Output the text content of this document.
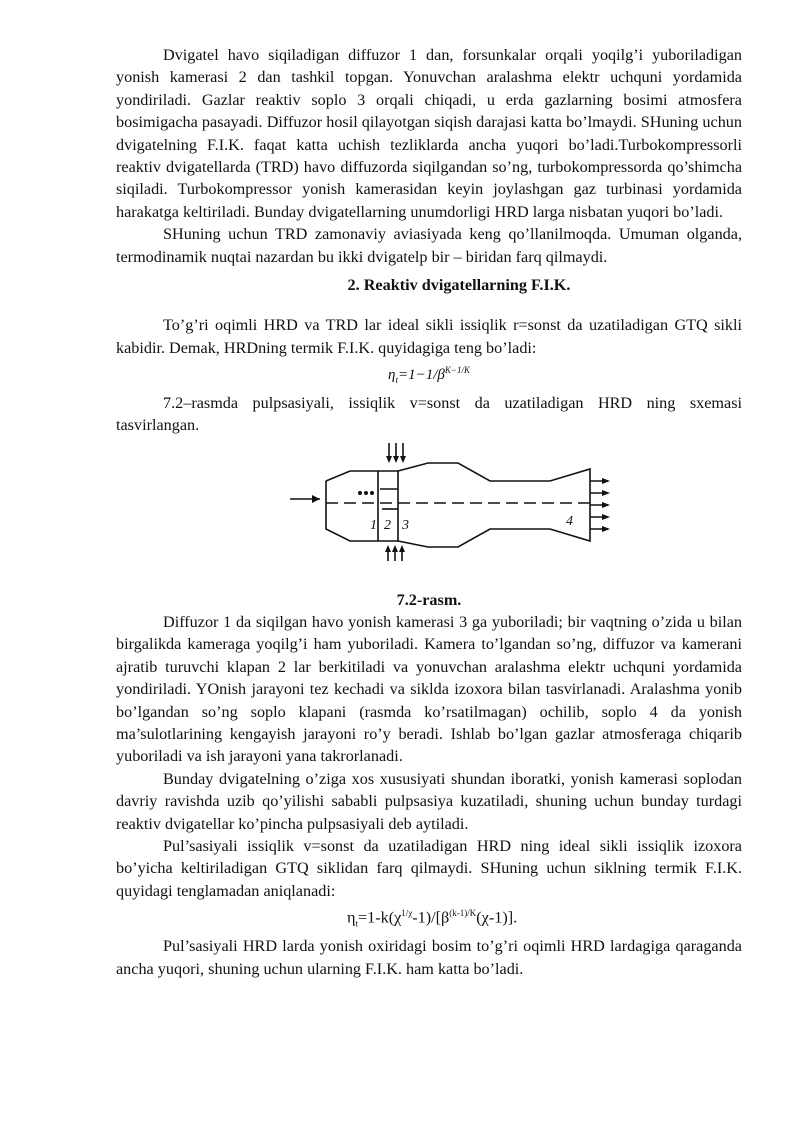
Dvigatel havo siqiladigan diffuzor 1 dan, forsunkalar orqali yoqilg’i yuboriladigan yonish kamerasi 2 dan tashkil topgan. Yonuvchan aralashma elektr uchquni yordamida yondiriladi. Gazlar reaktiv soplo 3 orqali chiqadi, u erda gazlarning bosimi atmosfera bosimigacha pasayadi. Diffuzor hosil qilayotgan siqish darajasi katta bo’lmaydi. SHuning uchun dvigatelning F.I.K. faqat katta uchish tezliklarda ancha yuqori bo’ladi.Turbokompressorli reaktiv dvigatellarda (TRD) havo diffuzorda siqilgandan so’ng, turbokompressorda qo’shimcha siqiladi. Turbokompressor yonish kamerasidan keyin joylashgan gaz turbinasi yordamida harakatga keltiriladi. Bunday dvigatellarning unumdorligi HRD larga nisbatan yuqori bo’ladi.

SHuning uchun TRD zamonaviy aviasiyada keng qo’llanilmoqda. Umuman olganda, termodinamik nuqtai nazardan bu ikki dvigatelp bir – biridan farq qilmaydi.

2. Reaktiv dvigatellarning F.I.K.

To’g’ri oqimli HRD va TRD lar ideal sikli issiqlik r=sonst da uzatiladigan GTQ sikli kabidir. Demak, HRDning termik F.I.K. quyidagiga teng bo’ladi:

$\eta_t=1-1/\beta^{K-1/K}$

7.2–rasmda pulpsasiyali, issiqlik v=sonst da uzatiladigan HRD ning sxemasi tasvirlangan.

1 2 3	4

7.2-rasm.

Diffuzor 1 da siqilgan havo yonish kamerasi 3 ga yuboriladi; bir vaqtning o’zida u bilan birgalikda kameraga yoqilg’i ham yuboriladi. Kamera to’lgandan so’ng, diffuzor va kamerani ajratib turuvchi klapan 2 lar berkitiladi va yonuvchan aralashma elektr uchquni yordamida yondiriladi. YOnish jarayoni tez kechadi va siklda izoxora bilan tasvirlanadi. Aralashma yonib bo’lgandan so’ng soplo klapani (rasmda ko’rsatilmagan) ochilib, soplo 4 da yonish ma’sulotlarining kengayish jarayoni ro’y beradi. Ishlab bo’lgan gazlar atmosferaga chiqarib yuboriladi va ish jarayoni yana takrorlanadi.

Bunday dvigatelning o’ziga xos xususiyati shundan iboratki, yonish kamerasi soplodan davriy ravishda uzib qo’yilishi sababli pulpsasiya kuzatiladi, shuning uchun bunday turdagi reaktiv dvigatellar ko’pincha pulpsasiyali deb aytiladi.

Pul’sasiyali issiqlik v=sonst da uzatiladigan HRD ning ideal sikli issiqlik izoxora bo’yicha keltiriladigan GTQ siklidan farq qilmaydi. SHuning uchun siklning termik F.I.K. quyidagi tenglamadan aniqlanadi:

$\eta_t=1-k(\chi^{1/\chi}-1)/[\beta^{(k-1)/K}(\chi-1)]$.

Pul’sasiyali HRD larda yonish oxiridagi bosim to’g’ri oqimli HRD lardagiga qaraganda ancha yuqori, shuning uchun ularning F.I.K. ham katta bo’ladi.
